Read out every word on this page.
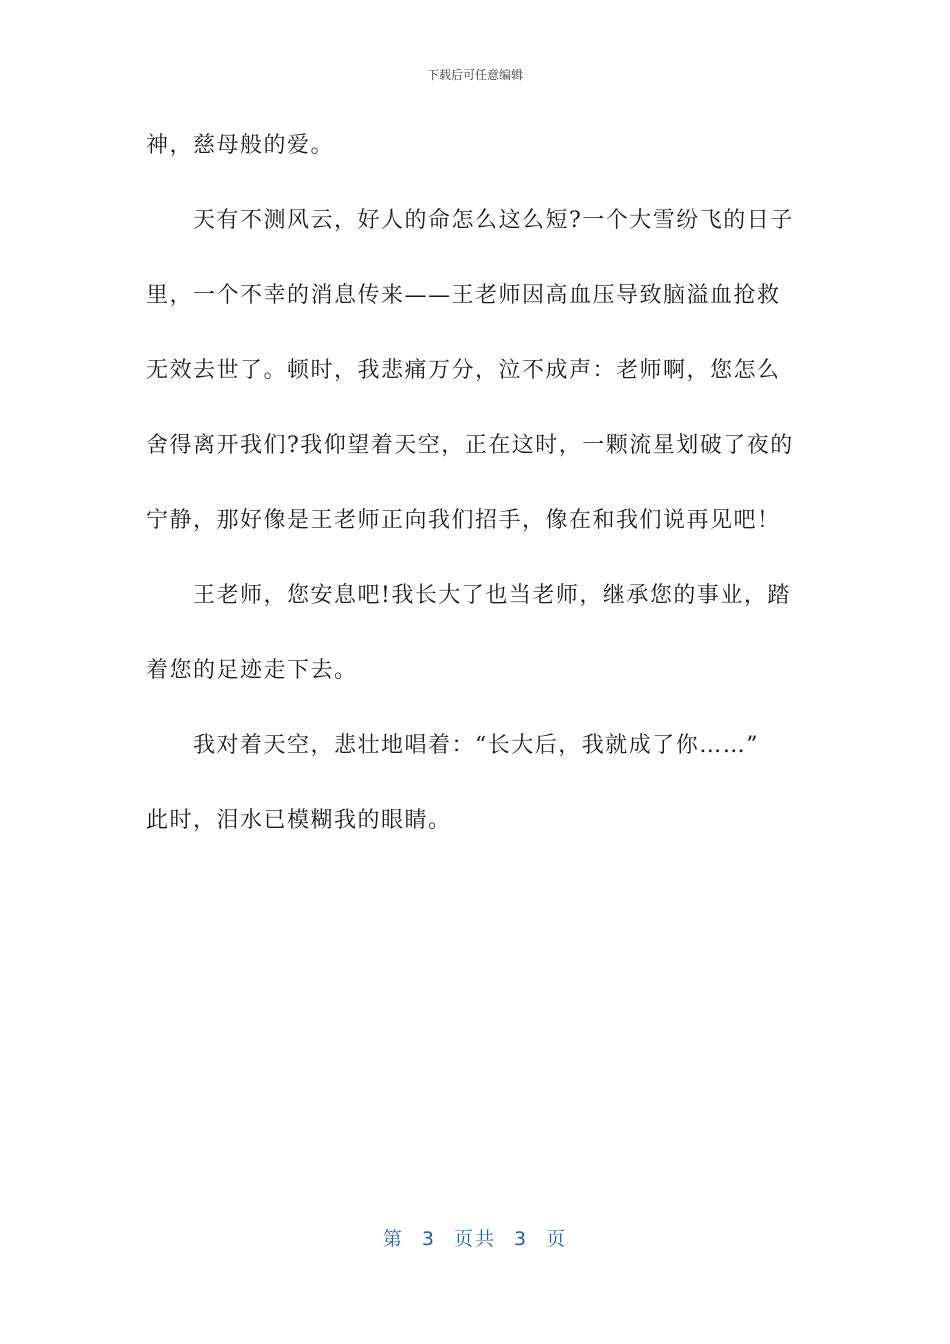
下载后可任意编辑
神，慈母般的爱。
天有不测风云，好人的命怎么这么短?一个大雪纷飞的日子
里，一个不幸的消息传来——王老师因高血压导致脑溢血抢救
无效去世了。顿时，我悲痛万分，泣不成声：老师啊，您怎么
舍得离开我们?我仰望着天空，正在这时，一颗流星划破了夜的
宁静，那好像是王老师正向我们招手，像在和我们说再见吧！
王老师，您安息吧!我长大了也当老师，继承您的事业，踏
着您的足迹走下去。
我对着天空，悲壮地唱着：“长大后，我就成了你……”
此时，泪水已模糊我的眼睛。
第 3 页共 3 页
